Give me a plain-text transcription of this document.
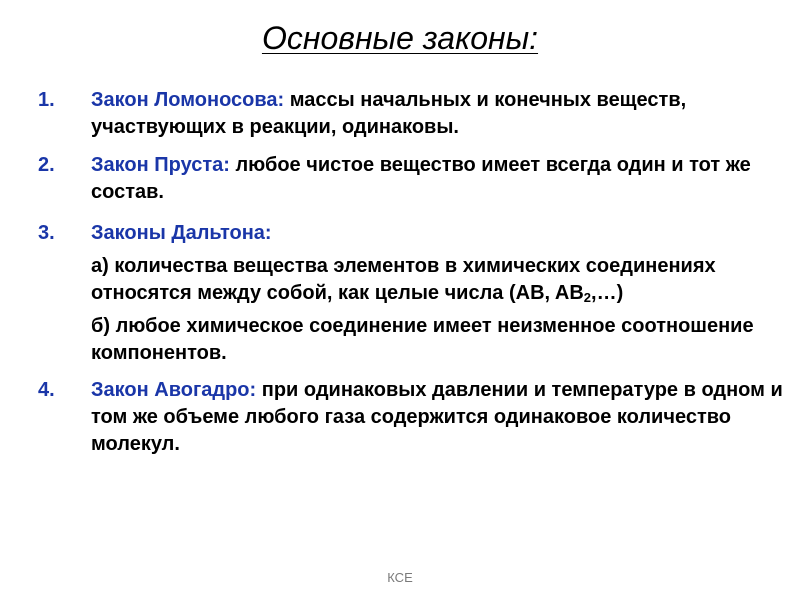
Основные законы:
1. Закон Ломоносова: массы начальных и конечных веществ, участвующих в реакции, одинаковы.
2. Закон Пруста: любое чистое вещество имеет всегда один и тот же состав.
3. Законы Дальтона:
а) количества вещества элементов в химических соединениях относятся между собой, как целые числа (AB, $AB_2,\dots$)
б) любое химическое соединение имеет неизменное соотношение компонентов.
4. Закон Авогадро: при одинаковых давлении и температуре в одном и том же объеме любого газа содержится одинаковое количество молекул.
КСЕ
